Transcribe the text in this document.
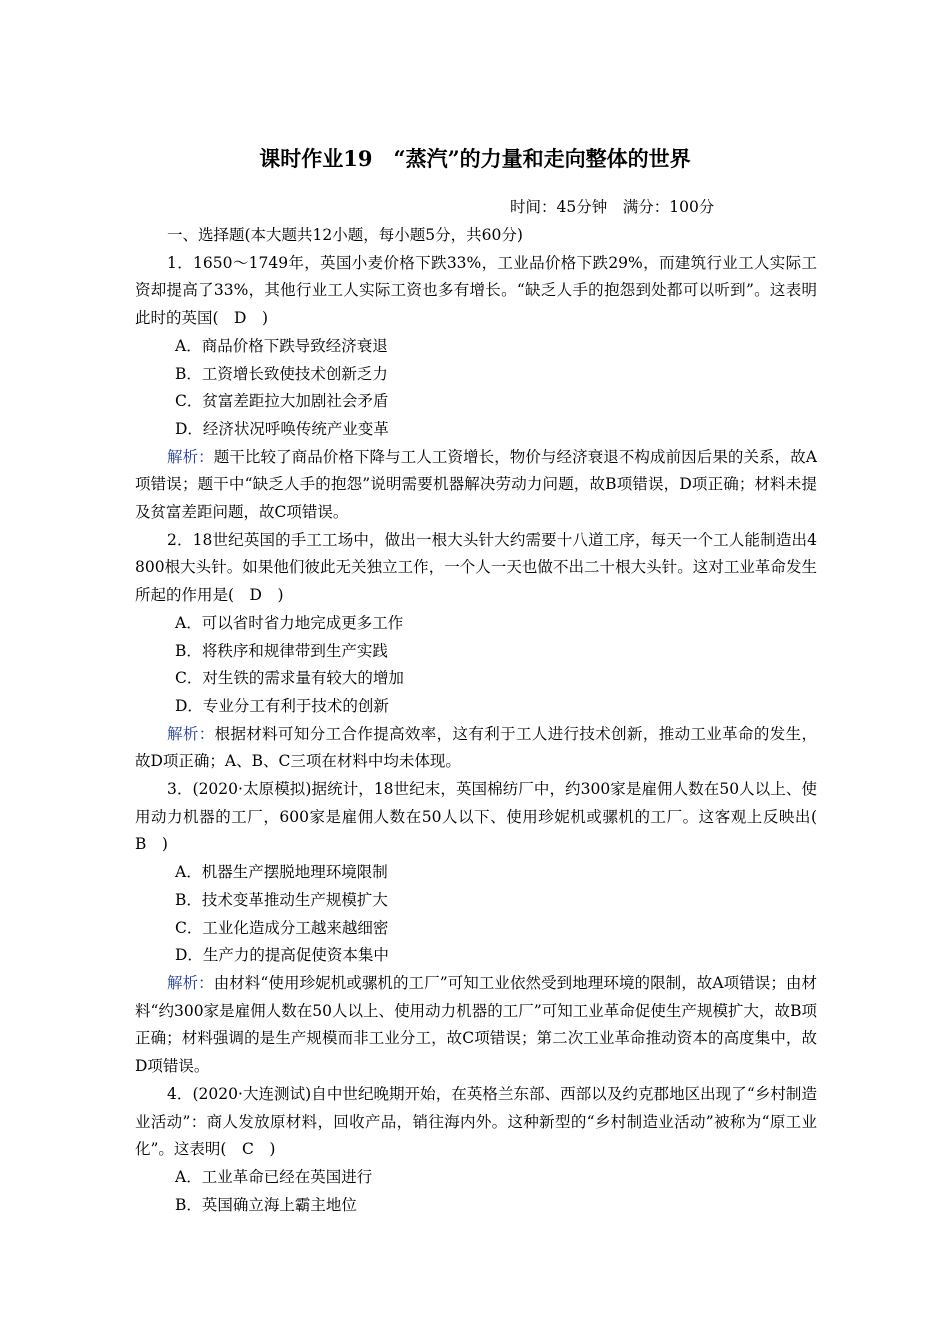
课时作业19　“蒸汽”的力量和走向整体的世界
时间：45分钟　满分：100分

一、选择题(本大题共12小题，每小题5分，共60分)

1．1650～1749年，英国小麦价格下跌33%，工业品价格下跌29%，而建筑行业工人实际工资却提高了33%，其他行业工人实际工资也多有增长。“缺乏人手的抱怨到处都可以听到”。这表明此时的英国(　D　)

A．商品价格下跌导致经济衰退

B．工资增长致使技术创新乏力

C．贫富差距拉大加剧社会矛盾

D．经济状况呼唤传统产业变革

解析：题干比较了商品价格下降与工人工资增长，物价与经济衰退不构成前因后果的关系，故A项错误；题干中“缺乏人手的抱怨”说明需要机器解决劳动力问题，故B项错误，D项正确；材料未提及贫富差距问题，故C项错误。

2．18世纪英国的手工工场中，做出一根大头针大约需要十八道工序，每天一个工人能制造出4 800根大头针。如果他们彼此无关独立工作，一个人一天也做不出二十根大头针。这对工业革命发生所起的作用是(　D　)

A．可以省时省力地完成更多工作

B．将秩序和规律带到生产实践

C．对生铁的需求量有较大的增加

D．专业分工有利于技术的创新

解析：根据材料可知分工合作提高效率，这有利于工人进行技术创新，推动工业革命的发生，故D项正确；A、B、C三项在材料中均未体现。

3．(2020·太原模拟)据统计，18世纪末，英国棉纺厂中，约300家是雇佣人数在50人以上、使用动力机器的工厂，600家是雇佣人数在50人以下、使用珍妮机或骡机的工厂。这客观上反映出(　B　)

A．机器生产摆脱地理环境限制

B．技术变革推动生产规模扩大

C．工业化造成分工越来越细密

D．生产力的提高促使资本集中

解析：由材料“使用珍妮机或骡机的工厂”可知工业依然受到地理环境的限制，故A项错误；由材料“约300家是雇佣人数在50人以上、使用动力机器的工厂”可知工业革命促使生产规模扩大，故B项正确；材料强调的是生产规模而非工业分工，故C项错误；第二次工业革命推动资本的高度集中，故D项错误。

4．(2020·大连测试)自中世纪晚期开始，在英格兰东部、西部以及约克郡地区出现了“乡村制造业活动”：商人发放原材料，回收产品，销往海内外。这种新型的“乡村制造业活动”被称为“原工业化”。这表明(　C　)

A．工业革命已经在英国进行

B．英国确立海上霸主地位
